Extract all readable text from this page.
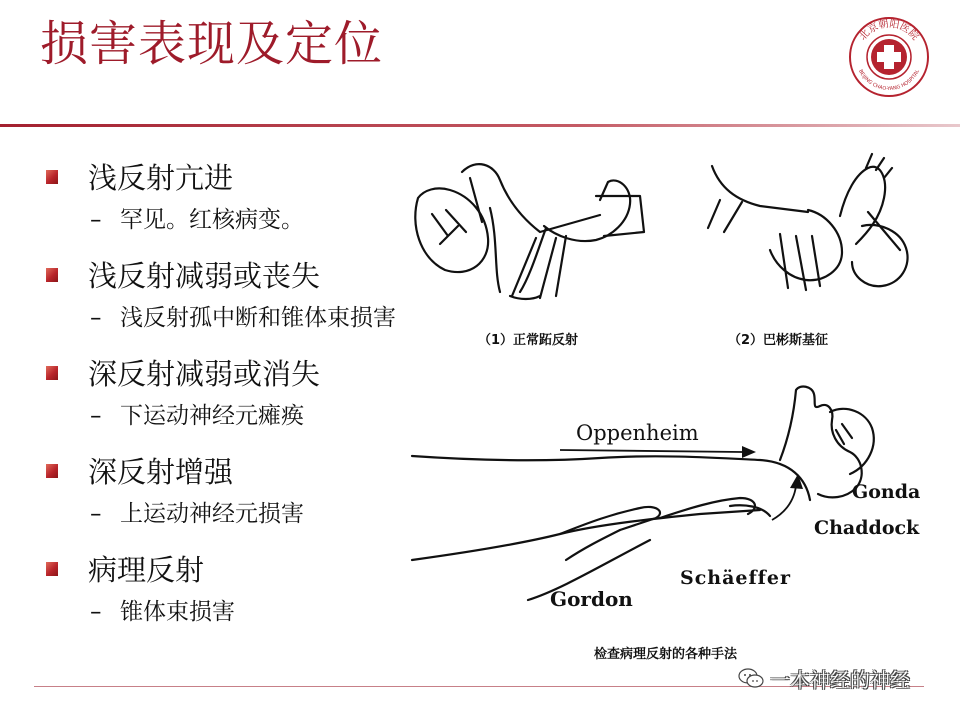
损害表现及定位	北京朝阳医院
BEIJING CHAO-YANG HOSPITAL
浅反射亢进
– 罕见。红核病变。
浅反射减弱或丧失
– 浅反射孤中断和锥体束损害
深反射减弱或消失
– 下运动神经元瘫痪
深反射增强
– 上运动神经元损害
病理反射
– 锥体束损害
（1）正常跖反射	（2）巴彬斯基征
Oppenheim
Gonda
Chaddock
Schäeffer
Gordon
检查病理反射的各种手法
一本神经的神经
